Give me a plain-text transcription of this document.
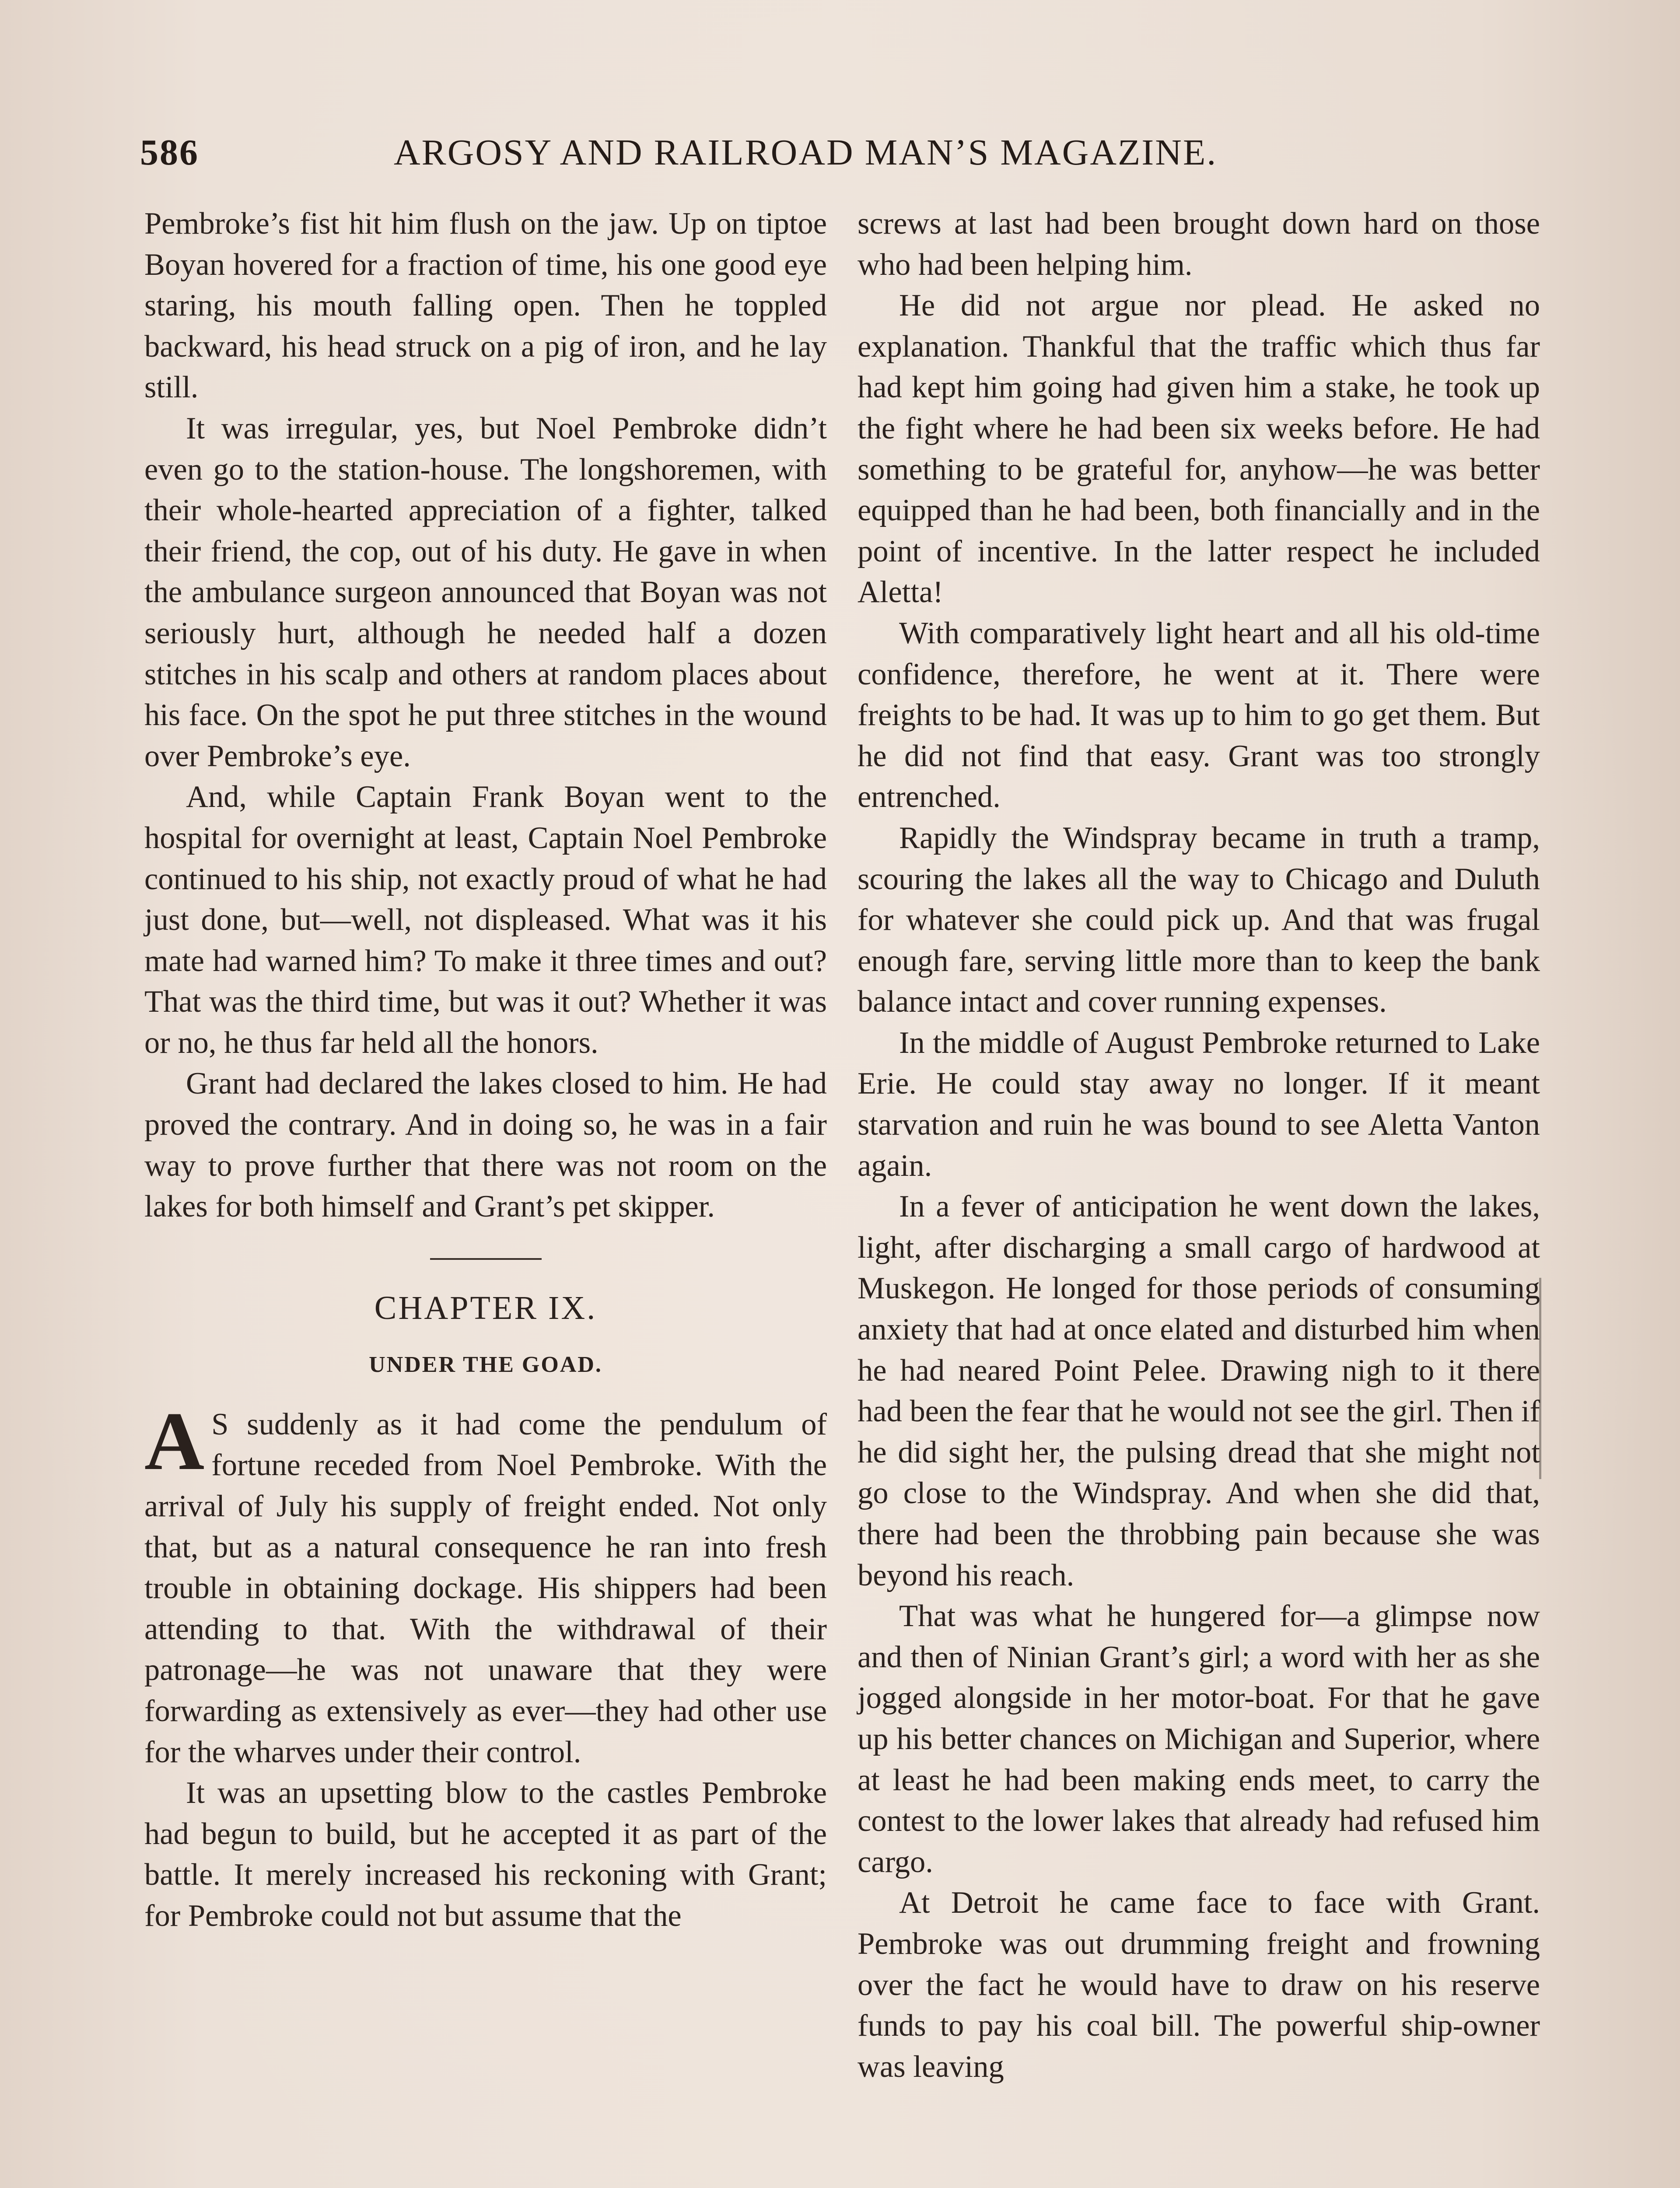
586	ARGOSY AND RAILROAD MAN’S MAGAZINE.

Pembroke’s fist hit him flush on the jaw. Up on tiptoe Boyan hovered for a fraction of time, his one good eye staring, his mouth falling open. Then he toppled backward, his head struck on a pig of iron, and he lay still.

It was irregular, yes, but Noel Pembroke didn’t even go to the station-house. The longshoremen, with their whole-hearted appreciation of a fighter, talked their friend, the cop, out of his duty. He gave in when the ambulance surgeon announced that Boyan was not seriously hurt, although he needed half a dozen stitches in his scalp and others at random places about his face. On the spot he put three stitches in the wound over Pembroke’s eye.

And, while Captain Frank Boyan went to the hospital for overnight at least, Captain Noel Pembroke continued to his ship, not exactly proud of what he had just done, but—well, not displeased. What was it his mate had warned him? To make it three times and out? That was the third time, but was it out? Whether it was or no, he thus far held all the honors.

Grant had declared the lakes closed to him. He had proved the contrary. And in doing so, he was in a fair way to prove further that there was not room on the lakes for both himself and Grant’s pet skipper.

CHAPTER IX.
UNDER THE GOAD.

A S suddenly as it had come the pendulum of fortune receded from Noel Pembroke. With the arrival of July his supply of freight ended. Not only that, but as a natural consequence he ran into fresh trouble in obtaining dockage. His shippers had been attending to that. With the withdrawal of their patronage—he was not unaware that they were forwarding as extensively as ever—they had other use for the wharves under their control.

It was an upsetting blow to the castles Pembroke had begun to build, but he accepted it as part of the battle. It merely increased his reckoning with Grant; for Pembroke could not but assume that the

screws at last had been brought down hard on those who had been helping him.

He did not argue nor plead. He asked no explanation. Thankful that the traffic which thus far had kept him going had given him a stake, he took up the fight where he had been six weeks before. He had something to be grateful for, anyhow—he was better equipped than he had been, both financially and in the point of incentive. In the latter respect he included Aletta!

With comparatively light heart and all his old-time confidence, therefore, he went at it. There were freights to be had. It was up to him to go get them. But he did not find that easy. Grant was too strongly entrenched.

Rapidly the Windspray became in truth a tramp, scouring the lakes all the way to Chicago and Duluth for whatever she could pick up. And that was frugal enough fare, serving little more than to keep the bank balance intact and cover running expenses.

In the middle of August Pembroke returned to Lake Erie. He could stay away no longer. If it meant starvation and ruin he was bound to see Aletta Vanton again.

In a fever of anticipation he went down the lakes, light, after discharging a small cargo of hardwood at Muskegon. He longed for those periods of consuming anxiety that had at once elated and disturbed him when he had neared Point Pelee. Drawing nigh to it there had been the fear that he would not see the girl. Then if he did sight her, the pulsing dread that she might not go close to the Windspray. And when she did that, there had been the throbbing pain because she was beyond his reach.

That was what he hungered for—a glimpse now and then of Ninian Grant’s girl; a word with her as she jogged alongside in her motor-boat. For that he gave up his better chances on Michigan and Superior, where at least he had been making ends meet, to carry the contest to the lower lakes that already had refused him cargo.

At Detroit he came face to face with Grant. Pembroke was out drumming freight and frowning over the fact he would have to draw on his reserve funds to pay his coal bill. The powerful ship-owner was leaving
